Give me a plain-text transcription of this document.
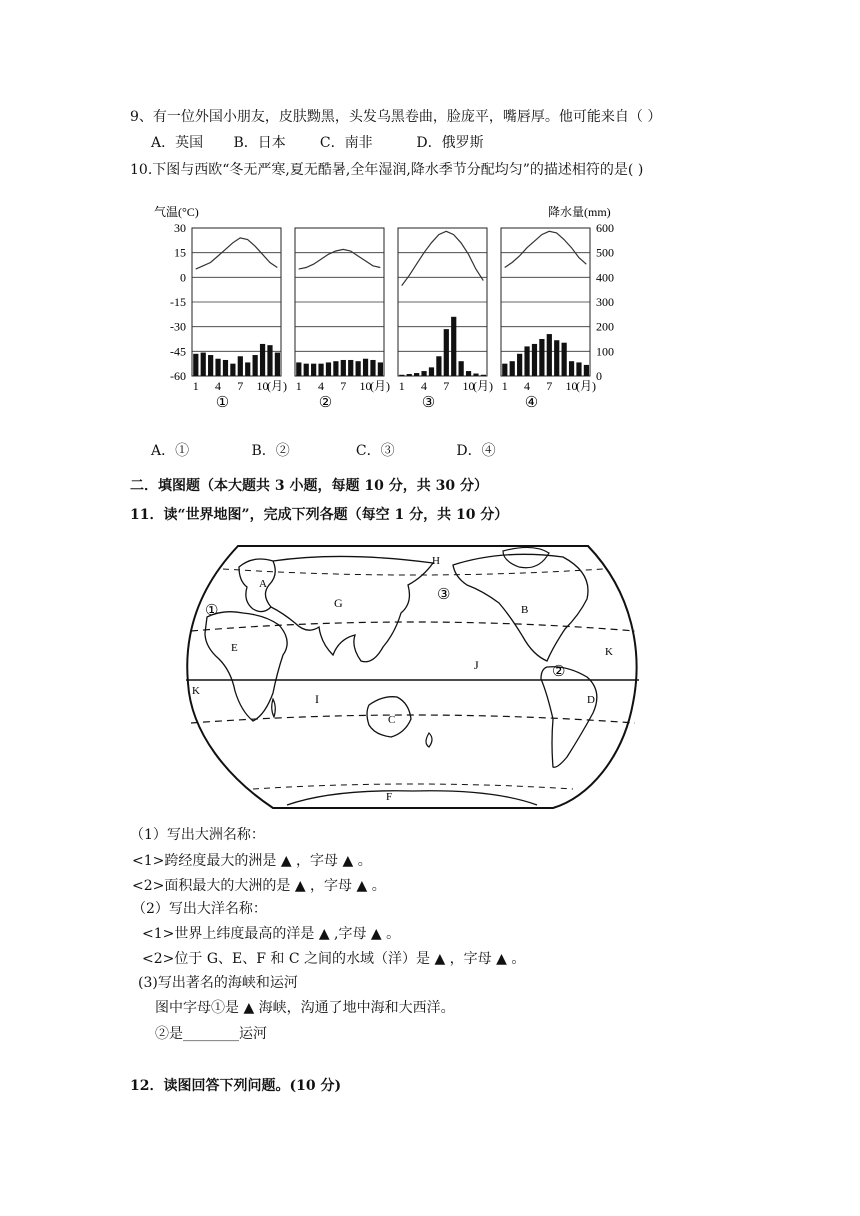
9、有一位外国小朋友，皮肤黝黑，头发乌黑卷曲，脸庞平，嘴唇厚。他可能来自（ ）
A．英国 B．日本 C．南非	D．俄罗斯
10.下图与西欧“冬无严寒,夏无酷暑,全年湿润,降水季节分配均匀”的描述相符的是( )
气温(°C)	降水量(mm)
30
15
0
-15
-30
-45
-60
600
500
400
300
200
100
0
1 4 7 10
(月)
①
1 4 7 10
(月)
②
1 4 7 10
(月)
③
1 4 7 10
(月)
④
A．①	B．②	C．③	D．④
二．填图题（本大题共 3 小题，每题 10 分，共 30 分）
11．读“世界地图”，完成下列各题（每空 1 分，共 10 分）
A
B
C
D
E
F
G
H
I
J
K
K
①
②
③
（1）写出大洲名称：
<1>跨经度最大的洲是 ▲ ，字母 ▲ 。
<2>面积最大的大洲的是 ▲ ，字母 ▲ 。
（2）写出大洋名称：
<1>世界上纬度最高的洋是 ▲ ,字母 ▲ 。
<2>位于 G、E、F 和 C 之间的水域（洋）是 ▲ ，字母 ▲ 。
(3)写出著名的海峡和运河
图中字母①是 ▲ 海峡，沟通了地中海和大西洋。
②是________运河
12．读图回答下列问题。(10 分)
